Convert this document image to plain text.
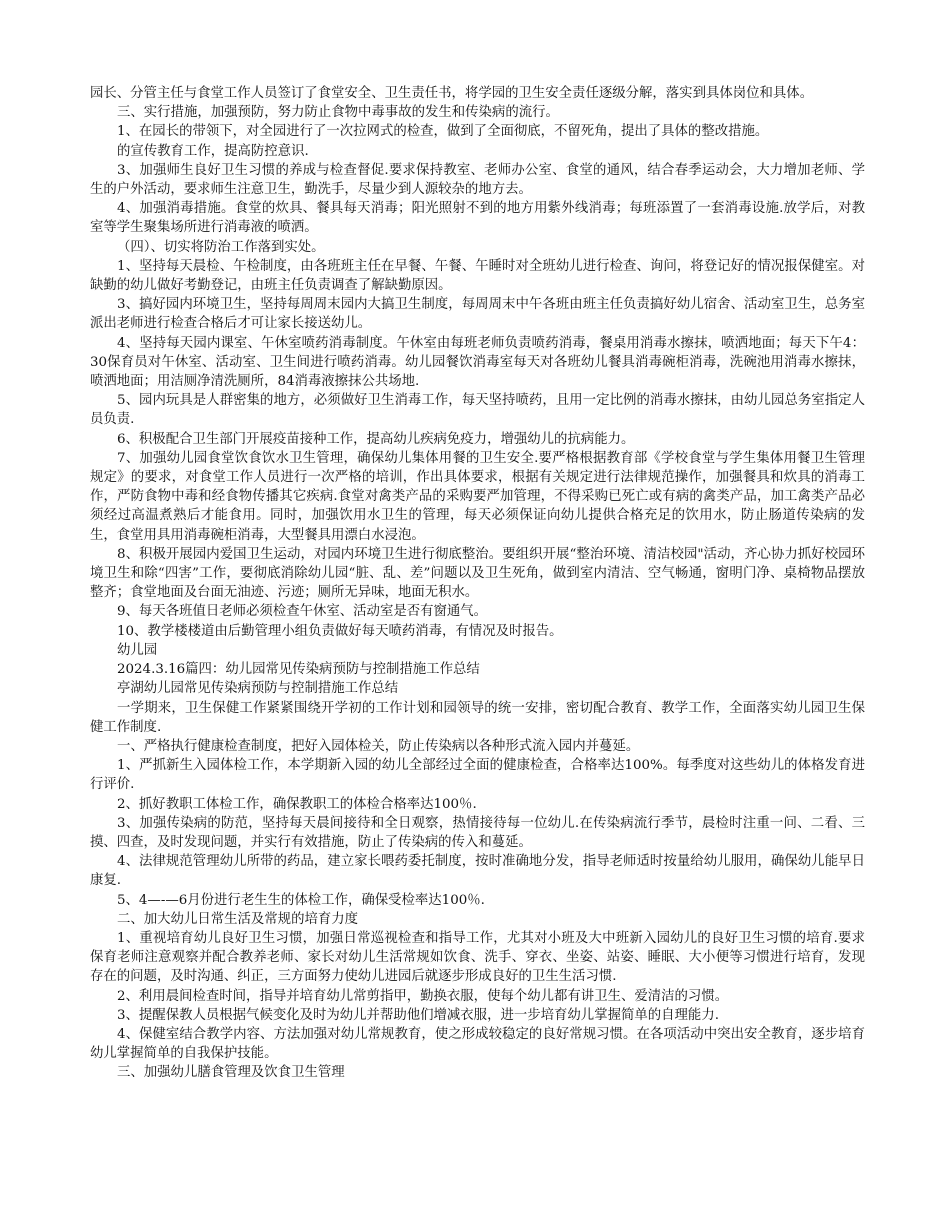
园长、分管主任与食堂工作人员签订了食堂安全、卫生责任书，将学园的卫生安全责任逐级分解，落实到具体岗位和具体。

三、实行措施，加强预防，努力防止食物中毒事故的发生和传染病的流行。

1、在园长的带领下，对全园进行了一次拉网式的检查，做到了全面彻底，不留死角，提出了具体的整改措施。

的宣传教育工作，提高防控意识.

3、加强师生良好卫生习惯的养成与检查督促.要求保持教室、老师办公室、食堂的通风，结合春季运动会，大力增加老师、学生的户外活动，要求师生注意卫生，勤洗手，尽量少到人源较杂的地方去。

4、加强消毒措施。食堂的炊具、餐具每天消毒；阳光照射不到的地方用紫外线消毒；每班添置了一套消毒设施.放学后，对教室等学生聚集场所进行消毒液的喷洒。

（四）、切实将防治工作落到实处。

1、坚持每天晨检、午检制度，由各班班主任在早餐、午餐、午睡时对全班幼儿进行检查、询问，将登记好的情况报保健室。对缺勤的幼儿做好考勤登记，由班主任负责调查了解缺勤原因。

3、搞好园内环境卫生，坚持每周周末园内大搞卫生制度，每周周末中午各班由班主任负责搞好幼儿宿舍、活动室卫生，总务室派出老师进行检查合格后才可让家长接送幼儿。

4、坚持每天园内课室、午休室喷药消毒制度。午休室由每班老师负责喷药消毒，餐桌用消毒水擦抹，喷洒地面；每天下午4：30保育员对午休室、活动室、卫生间进行喷药消毒。幼儿园餐饮消毒室每天对各班幼儿餐具消毒碗柜消毒，洗碗池用消毒水擦抹，喷洒地面；用洁厕净清洗厕所，84消毒液擦抹公共场地.

5、园内玩具是人群密集的地方，必须做好卫生消毒工作，每天坚持喷药，且用一定比例的消毒水擦抹，由幼儿园总务室指定人员负责.

6、积极配合卫生部门开展疫苗接种工作，提高幼儿疾病免疫力，增强幼儿的抗病能力。

7、加强幼儿园食堂饮食饮水卫生管理，确保幼儿集体用餐的卫生安全.要严格根据教育部《学校食堂与学生集体用餐卫生管理规定》的要求，对食堂工作人员进行一次严格的培训，作出具体要求，根据有关规定进行法律规范操作，加强餐具和炊具的消毒工作，严防食物中毒和经食物传播其它疾病.食堂对禽类产品的采购要严加管理，不得采购已死亡或有病的禽类产品，加工禽类产品必须经过高温煮熟后才能食用。同时，加强饮用水卫生的管理，每天必须保证向幼儿提供合格充足的饮用水，防止肠道传染病的发生，食堂用具用消毒碗柜消毒，大型餐具用漂白水浸泡。

8、积极开展园内爱国卫生运动，对园内环境卫生进行彻底整治。要组织开展“整治环境、清洁校园"活动，齐心协力抓好校园环境卫生和除“四害”工作，要彻底消除幼儿园“脏、乱、差”问题以及卫生死角，做到室内清洁、空气畅通，窗明门净、桌椅物品摆放整齐；食堂地面及台面无油迹、污迹；厕所无异味，地面无积水。

9、每天各班值日老师必须检查午休室、活动室是否有窗通气。

10、教学楼楼道由后勤管理小组负责做好每天喷药消毒，有情况及时报告。

幼儿园

2024.3.16篇四：幼儿园常见传染病预防与控制措施工作总结

亭湖幼儿园常见传染病预防与控制措施工作总结

一学期来，卫生保健工作紧紧围绕开学初的工作计划和园领导的统一安排，密切配合教育、教学工作，全面落实幼儿园卫生保健工作制度.

一、严格执行健康检查制度，把好入园体检关，防止传染病以各种形式流入园内并蔓延。

1、严抓新生入园体检工作，本学期新入园的幼儿全部经过全面的健康检查，合格率达100%。每季度对这些幼儿的体格发育进行评价.

2、抓好教职工体检工作，确保教职工的体检合格率达100％.

3、加强传染病的防范，坚持每天晨间接待和全日观察，热情接待每一位幼儿.在传染病流行季节，晨检时注重一问、二看、三摸、四查，及时发现问题，并实行有效措施，防止了传染病的传入和蔓延。

4、法律规范管理幼儿所带的药品，建立家长喂药委托制度，按时准确地分发，指导老师适时按量给幼儿服用，确保幼儿能早日康复.

5、4—-—6月份进行老生生的体检工作，确保受检率达100％.

二、加大幼儿日常生活及常规的培育力度

1、重视培育幼儿良好卫生习惯，加强日常巡视检查和指导工作，尤其对小班及大中班新入园幼儿的良好卫生习惯的培育.要求保育老师注意观察并配合教养老师、家长对幼儿生活常规如饮食、洗手、穿衣、坐姿、站姿、睡眠、大小便等习惯进行培育，发现存在的问题，及时沟通、纠正，三方面努力使幼儿进园后就逐步形成良好的卫生生活习惯.

2、利用晨间检查时间，指导并培育幼儿常剪指甲，勤换衣服，使每个幼儿都有讲卫生、爱清洁的习惯。

3、提醒保教人员根据气候变化及时为幼儿并帮助他们增减衣服，进一步培育幼儿掌握简单的自理能力.

4、保健室结合教学内容、方法加强对幼儿常规教育，使之形成较稳定的良好常规习惯。在各项活动中突出安全教育，逐步培育幼儿掌握简单的自我保护技能。

三、加强幼儿膳食管理及饮食卫生管理
